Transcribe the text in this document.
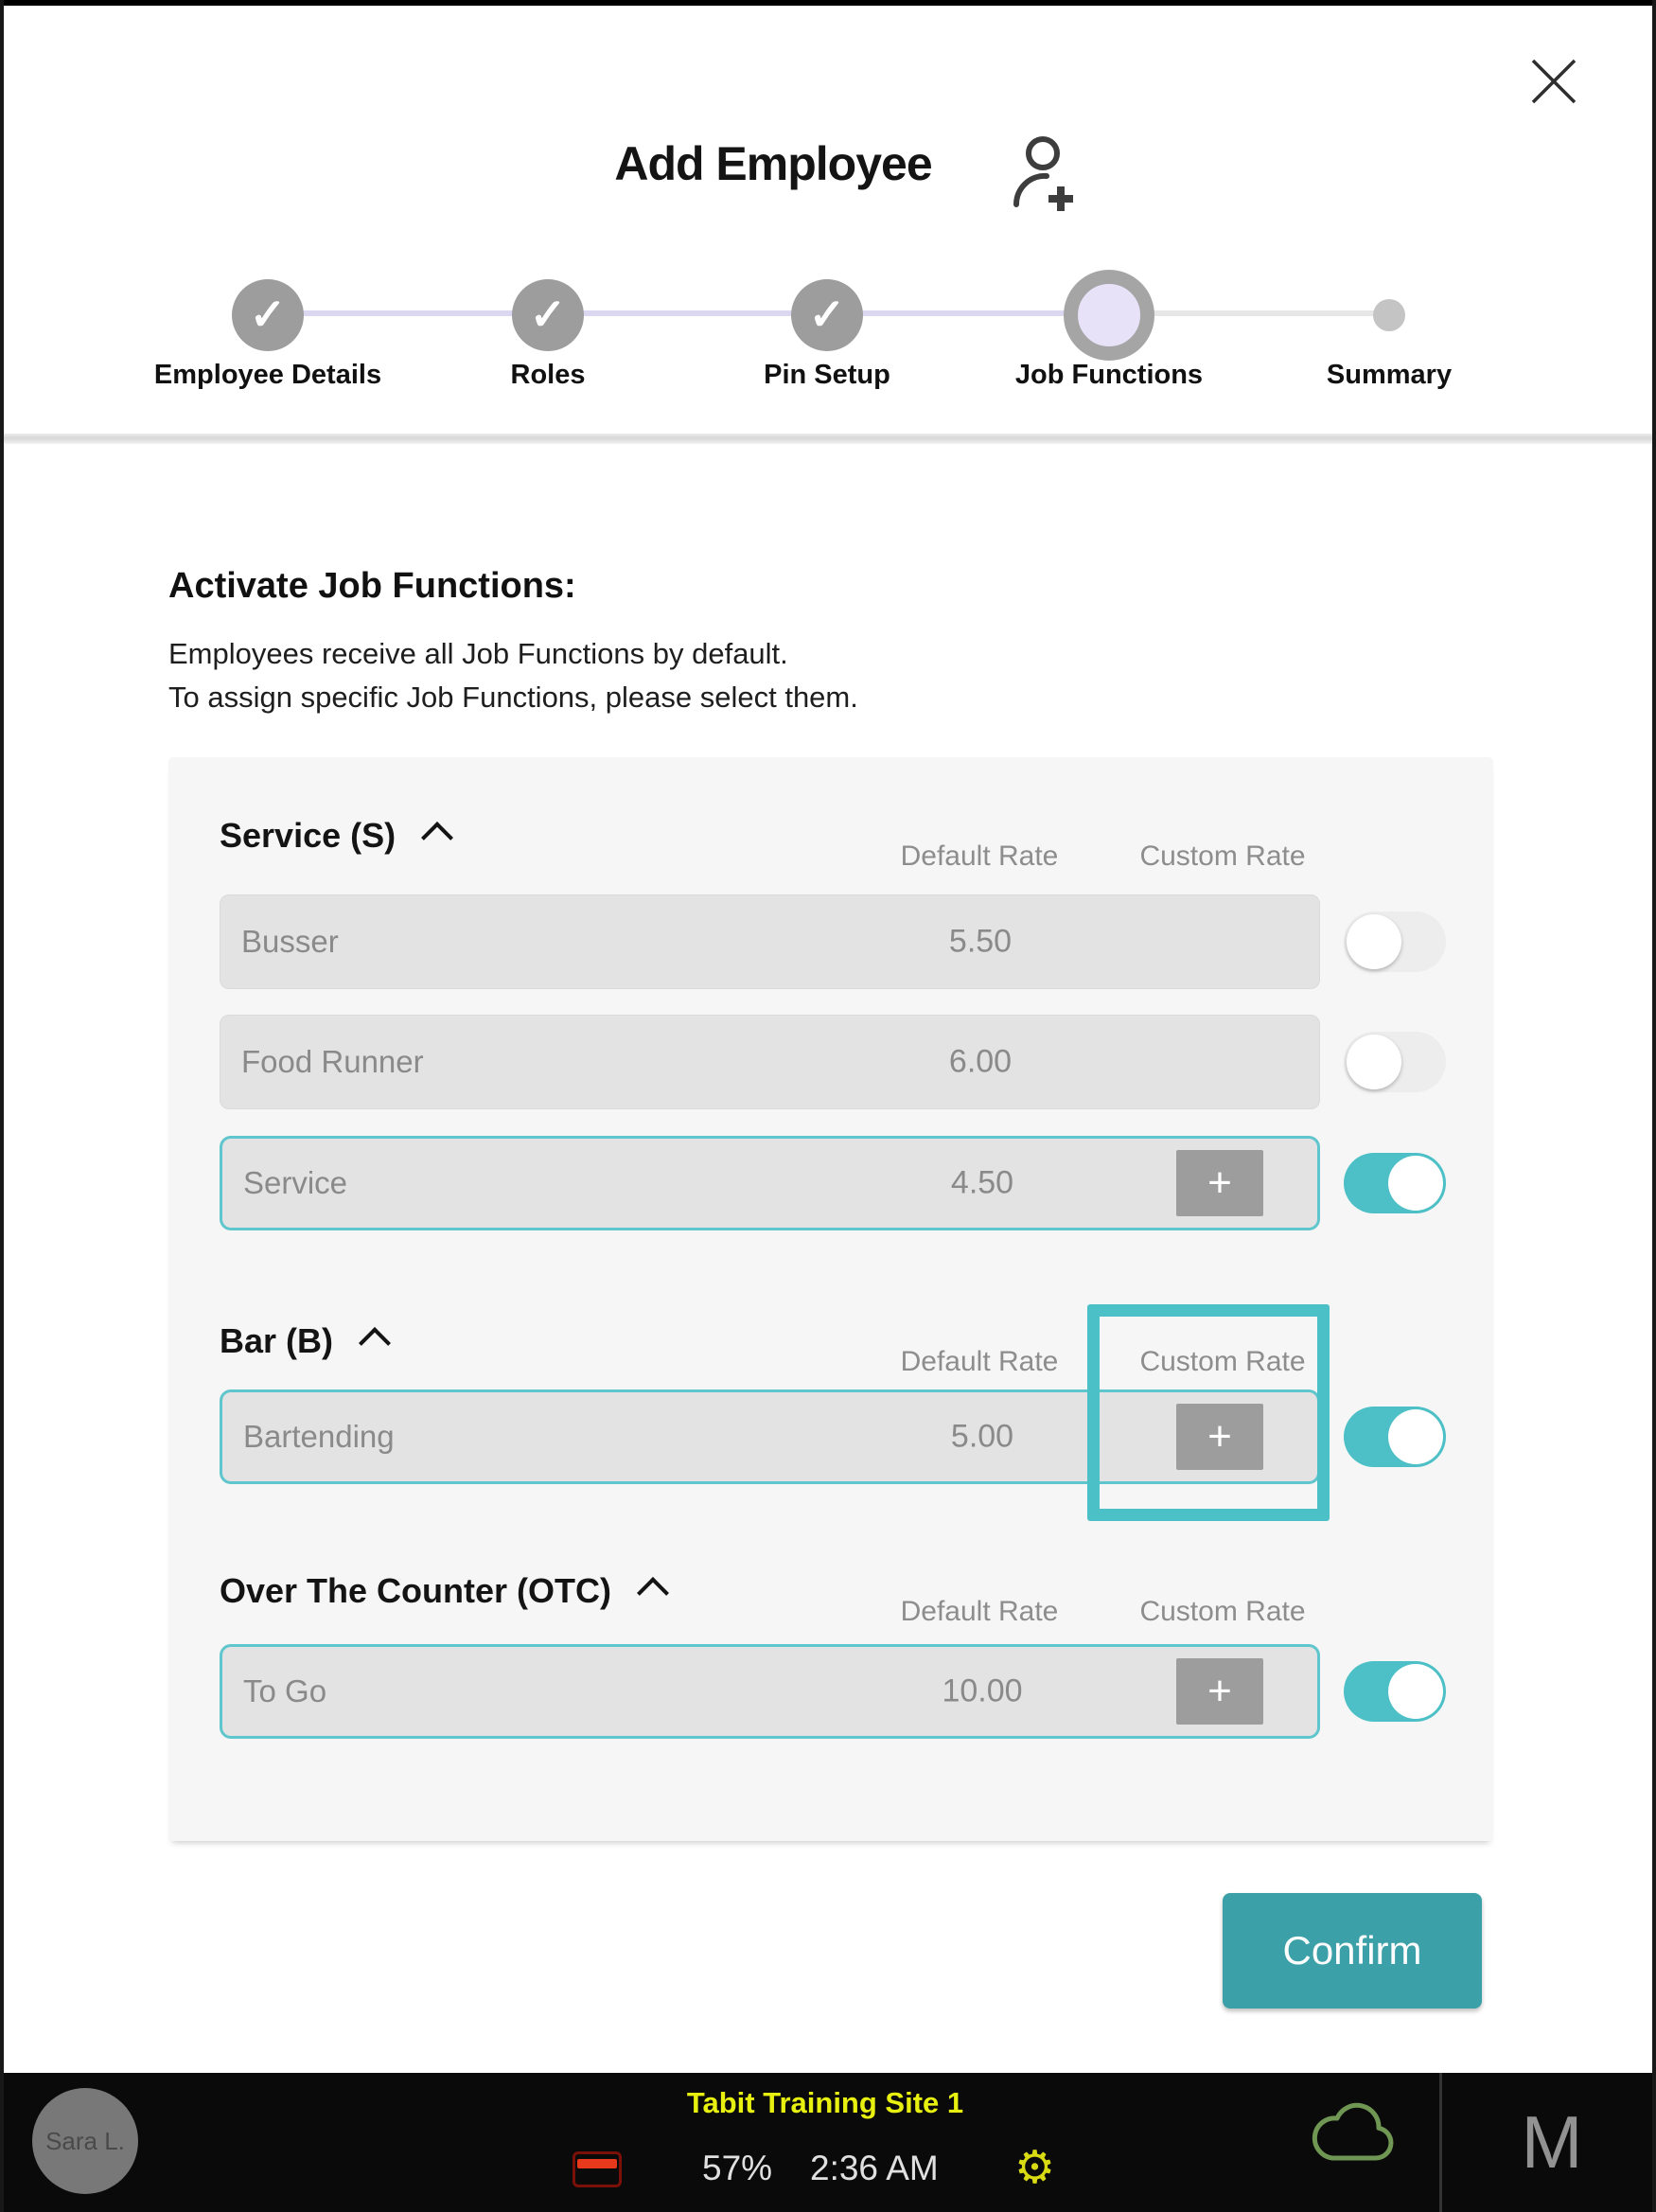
Add Employee
✓	✓	✓
Employee Details	Roles	Pin Setup	Job Functions	Summary
Activate Job Functions:
Employees receive all Job Functions by default.
To assign specific Job Functions, please select them.
Service (S)
Default Rate	Custom Rate
Busser	5.50
Food Runner	6.00
Service	4.50	+
Bar (B)
Default Rate	Custom Rate
Bartending	5.00	+
Over The Counter (OTC)
Default Rate	Custom Rate
To Go	10.00	+
Confirm
Sara L.
Tabit Training Site 1
57% 2:36 AM ⚙	M
